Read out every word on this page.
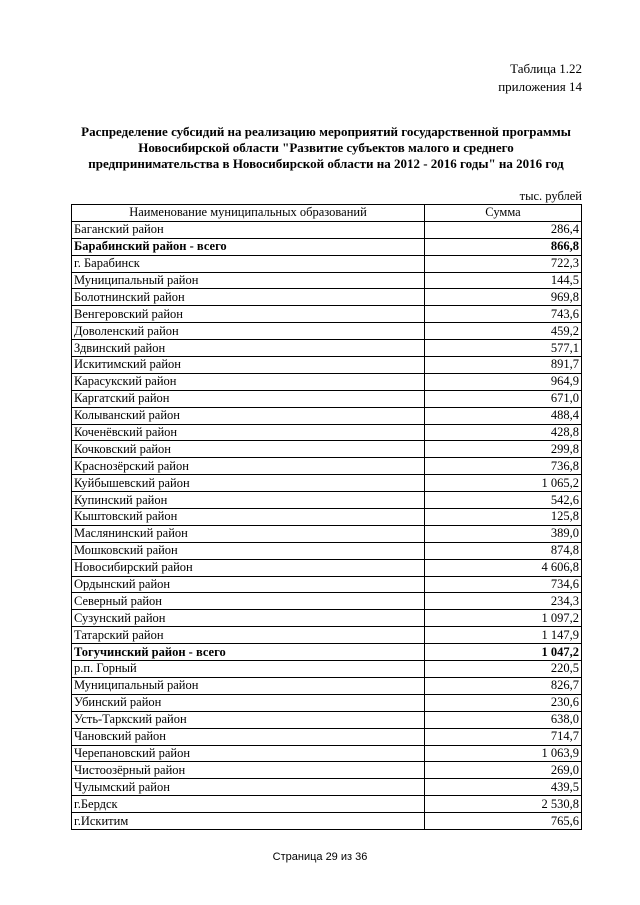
Таблица 1.22
приложения 14
Распределение субсидий на реализацию мероприятий государственной программы
Новосибирской области "Развитие субъектов малого и среднего
предпринимательства в Новосибирской области на 2012 - 2016 годы" на 2016 год
тыс. рублей
Наименование муниципальных образований	Сумма
Баганский район	286,4
Барабинский район - всего	866,8
г. Барабинск	722,3
Муниципальный район	144,5
Болотнинский район	969,8
Венгеровский район	743,6
Доволенский район	459,2
Здвинский район	577,1
Искитимский район	891,7
Карасукский район	964,9
Каргатский район	671,0
Колыванский район	488,4
Коченёвский район	428,8
Кочковский район	299,8
Краснозёрский район	736,8
Куйбышевский район	1 065,2
Купинский район	542,6
Кыштовский район	125,8
Маслянинский район	389,0
Мошковский район	874,8
Новосибирский район	4 606,8
Ордынский район	734,6
Северный район	234,3
Сузунский район	1 097,2
Татарский район	1 147,9
Тогучинский район - всего	1 047,2
р.п. Горный	220,5
Муниципальный район	826,7
Убинский район	230,6
Усть-Таркский район	638,0
Чановский район	714,7
Черепановский район	1 063,9
Чистоозёрный район	269,0
Чулымский район	439,5
г.Бердск	2 530,8
г.Искитим	765,6
Страница 29 из 36
